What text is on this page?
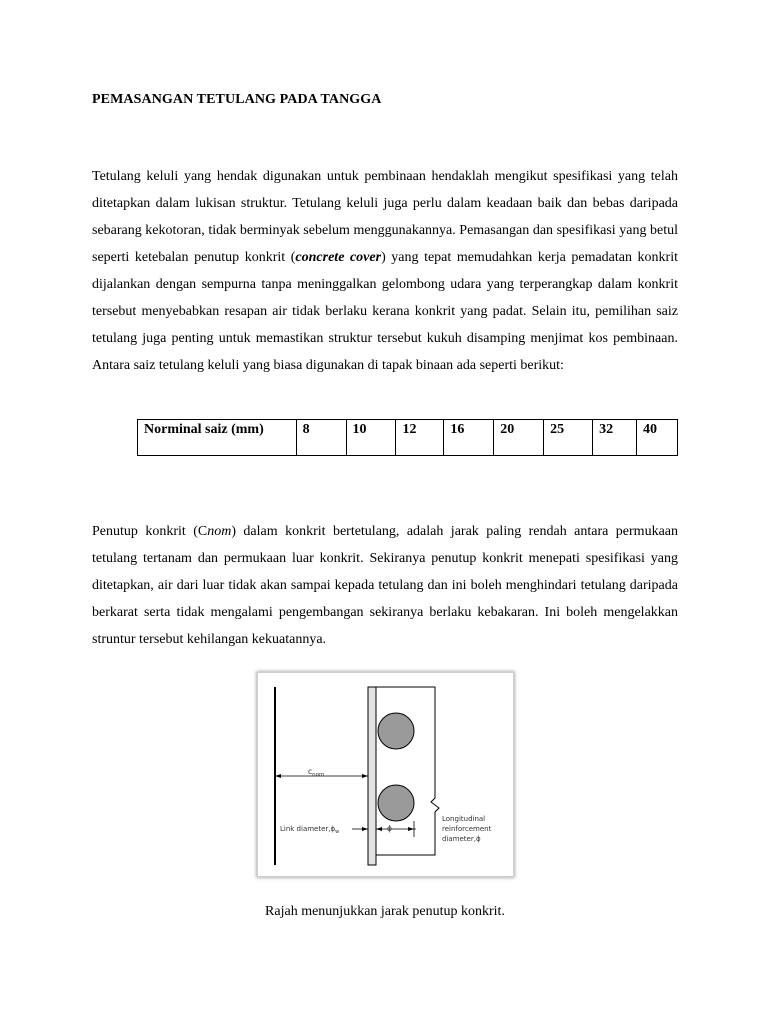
PEMASANGAN TETULANG PADA TANGGA

Tetulang keluli yang hendak digunakan untuk pembinaan hendaklah mengikut spesifikasi yang telah ditetapkan dalam lukisan struktur. Tetulang keluli juga perlu dalam keadaan baik dan bebas daripada sebarang kekotoran, tidak berminyak sebelum menggunakannya. Pemasangan dan spesifikasi yang betul seperti ketebalan penutup konkrit (concrete cover) yang tepat memudahkan kerja pemadatan konkrit dijalankan dengan sempurna tanpa meninggalkan gelombong udara yang terperangkap dalam konkrit tersebut menyebabkan resapan air tidak berlaku kerana konkrit yang padat. Selain itu, pemilihan saiz tetulang juga penting untuk memastikan struktur tersebut kukuh disamping menjimat kos pembinaan. Antara saiz tetulang keluli yang biasa digunakan di tapak binaan ada seperti berikut:

Norminal saiz (mm)	8	10	12	16	20	25	32	40

Penutup konkrit (Cnom) dalam konkrit bertetulang, adalah jarak paling rendah antara permukaan tetulang tertanam dan permukaan luar konkrit. Sekiranya penutup konkrit menepati spesifikasi yang ditetapkan, air dari luar tidak akan sampai kepada tetulang dan ini boleh menghindari tetulang daripada berkarat serta tidak mengalami pengembangan sekiranya berlaku kebakaran. Ini boleh mengelakkan struntur tersebut kehilangan kekuatannya.

$c_{nom}$
Link $diameter,\phi_w$	ϕ
Longitudinal
reinforcement
diameter,ϕ
Rajah menunjukkan jarak penutup konkrit.
